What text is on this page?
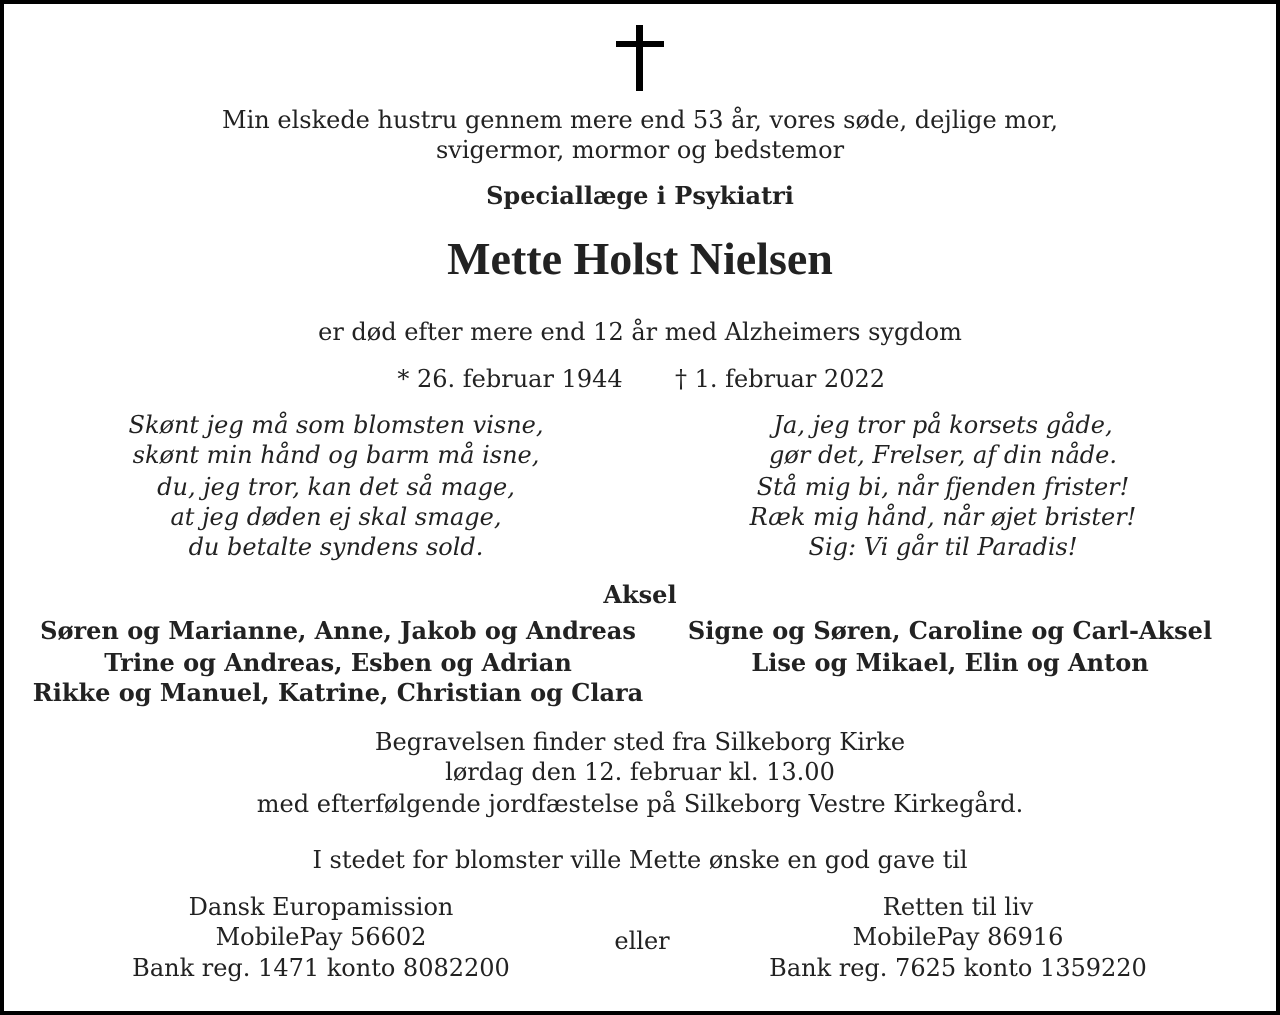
Min elskede hustru gennem mere end 53 år, vores søde, dejlige mor,
svigermor, mormor og bedstemor
Speciallæge i Psykiatri
Mette Holst Nielsen
er død efter mere end 12 år med Alzheimers sygdom
* 26. februar 1944 † 1. februar 2022
Skønt jeg må som blomsten visne,
skønt min hånd og barm må isne,
du, jeg tror, kan det så mage,
at jeg døden ej skal smage,
du betalte syndens sold.
Ja, jeg tror på korsets gåde,
gør det, Frelser, af din nåde.
Stå mig bi, når fjenden frister!
Ræk mig hånd, når øjet brister!
Sig: Vi går til Paradis!
Aksel
Søren og Marianne, Anne, Jakob og Andreas
Trine og Andreas, Esben og Adrian
Rikke og Manuel, Katrine, Christian og Clara
Signe og Søren, Caroline og Carl-Aksel
Lise og Mikael, Elin og Anton
Begravelsen finder sted fra Silkeborg Kirke
lørdag den 12. februar kl. 13.00
med efterfølgende jordfæstelse på Silkeborg Vestre Kirkegård.
I stedet for blomster ville Mette ønske en god gave til
Dansk Europamission
MobilePay 56602
Bank reg. 1471 konto 8082200
eller
Retten til liv
MobilePay 86916
Bank reg. 7625 konto 1359220
